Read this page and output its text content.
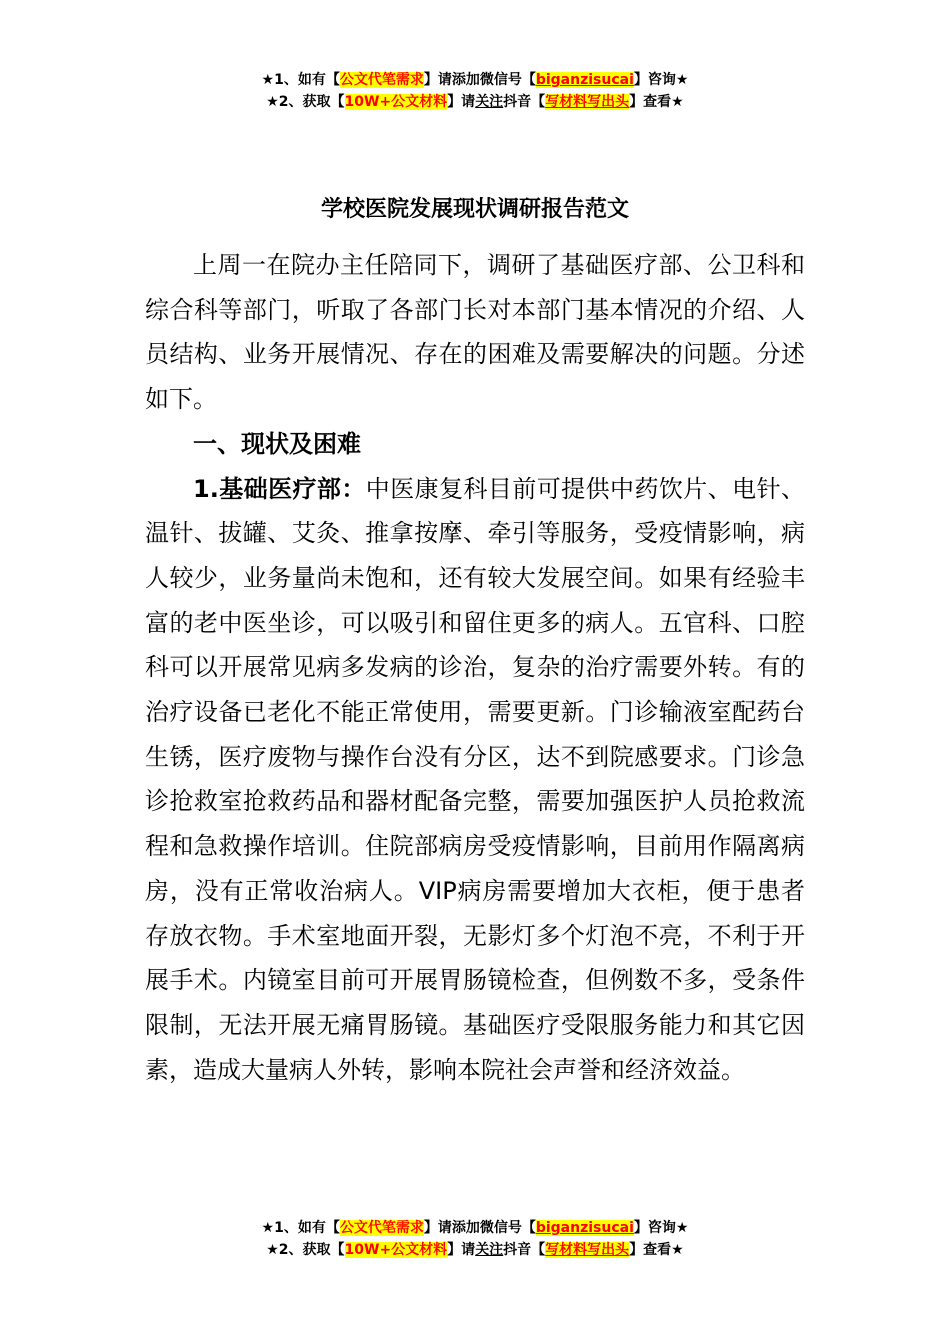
★1、如有【公文代笔需求】请添加微信号【biganzisucai】咨询★
★2、获取【10W+公文材料】请关注抖音【写材料写出头】查看★
学校医院发展现状调研报告范文

上周一在院办主任陪同下，调研了基础医疗部、公卫科和综合科等部门，听取了各部门长对本部门基本情况的介绍、人员结构、业务开展情况、存在的困难及需要解决的问题。分述如下。

一、现状及困难

1.基础医疗部：中医康复科目前可提供中药饮片、电针、温针、拔罐、艾灸、推拿按摩、牵引等服务，受疫情影响，病人较少，业务量尚未饱和，还有较大发展空间。如果有经验丰富的老中医坐诊，可以吸引和留住更多的病人。五官科、口腔科可以开展常见病多发病的诊治，复杂的治疗需要外转。有的治疗设备已老化不能正常使用，需要更新。门诊输液室配药台生锈，医疗废物与操作台没有分区，达不到院感要求。门诊急诊抢救室抢救药品和器材配备完整，需要加强医护人员抢救流程和急救操作培训。住院部病房受疫情影响，目前用作隔离病房，没有正常收治病人。VIP病房需要增加大衣柜，便于患者存放衣物。手术室地面开裂，无影灯多个灯泡不亮，不利于开展手术。内镜室目前可开展胃肠镜检查，但例数不多，受条件限制，无法开展无痛胃肠镜。基础医疗受限服务能力和其它因素，造成大量病人外转，影响本院社会声誉和经济效益。

★1、如有【公文代笔需求】请添加微信号【biganzisucai】咨询★
★2、获取【10W+公文材料】请关注抖音【写材料写出头】查看★
